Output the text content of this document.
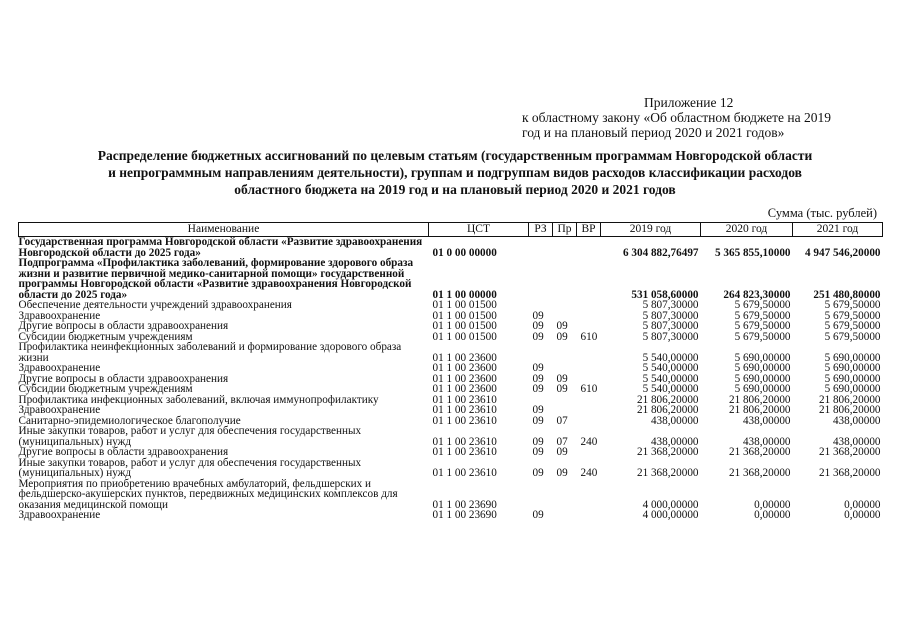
Приложение 12
к областному закону «Об областном бюджете на 2019
год и на плановый период 2020 и 2021 годов»
Распределение бюджетных ассигнований по целевым статьям (государственным программам Новгородской области
и непрограммным направлениям деятельности), группам и подгруппам видов расходов классификации расходов
областного бюджета на 2019 год и на плановый период 2020 и 2021 годов
Сумма (тыс. рублей)
Наименование	ЦСТ	РЗ	Пр	ВР	2019 год	2020 год	2021 год
Государственная программа Новгородской области «Развитие здравоохранения Новгородской области до 2025 года»	01 0 00 00000				6 304 882,76497	5 365 855,10000	4 947 546,20000
Подпрограмма «Профилактика заболеваний, формирование здорового образа жизни и развитие первичной медико-санитарной помощи» государственной программы Новгородской области «Развитие здравоохранения Новгородской области до 2025 года»	01 1 00 00000				531 058,60000	264 823,30000	251 480,80000
Обеспечение деятельности учреждений здравоохранения	01 1 00 01500				5 807,30000	5 679,50000	5 679,50000
Здравоохранение	01 1 00 01500	09			5 807,30000	5 679,50000	5 679,50000
Другие вопросы в области здравоохранения	01 1 00 01500	09	09		5 807,30000	5 679,50000	5 679,50000
Субсидии бюджетным учреждениям	01 1 00 01500	09	09	610	5 807,30000	5 679,50000	5 679,50000
Профилактика неинфекционных заболеваний и формирование здорового образа жизни	01 1 00 23600				5 540,00000	5 690,00000	5 690,00000
Здравоохранение	01 1 00 23600	09			5 540,00000	5 690,00000	5 690,00000
Другие вопросы в области здравоохранения	01 1 00 23600	09	09		5 540,00000	5 690,00000	5 690,00000
Субсидии бюджетным учреждениям	01 1 00 23600	09	09	610	5 540,00000	5 690,00000	5 690,00000
Профилактика инфекционных заболеваний, включая иммунопрофилактику	01 1 00 23610				21 806,20000	21 806,20000	21 806,20000
Здравоохранение	01 1 00 23610	09			21 806,20000	21 806,20000	21 806,20000
Санитарно-эпидемиологическое благополучие	01 1 00 23610	09	07		438,00000	438,00000	438,00000
Иные закупки товаров, работ и услуг для обеспечения государственных (муниципальных) нужд	01 1 00 23610	09	07	240	438,00000	438,00000	438,00000
Другие вопросы в области здравоохранения	01 1 00 23610	09	09		21 368,20000	21 368,20000	21 368,20000
Иные закупки товаров, работ и услуг для обеспечения государственных (муниципальных) нужд	01 1 00 23610	09	09	240	21 368,20000	21 368,20000	21 368,20000
Мероприятия по приобретению врачебных амбулаторий, фельдшерских и фельдшерско-акушерских пунктов, передвижных медицинских комплексов для оказания медицинской помощи	01 1 00 23690				4 000,00000	0,00000	0,00000
Здравоохранение	01 1 00 23690	09			4 000,00000	0,00000	0,00000
